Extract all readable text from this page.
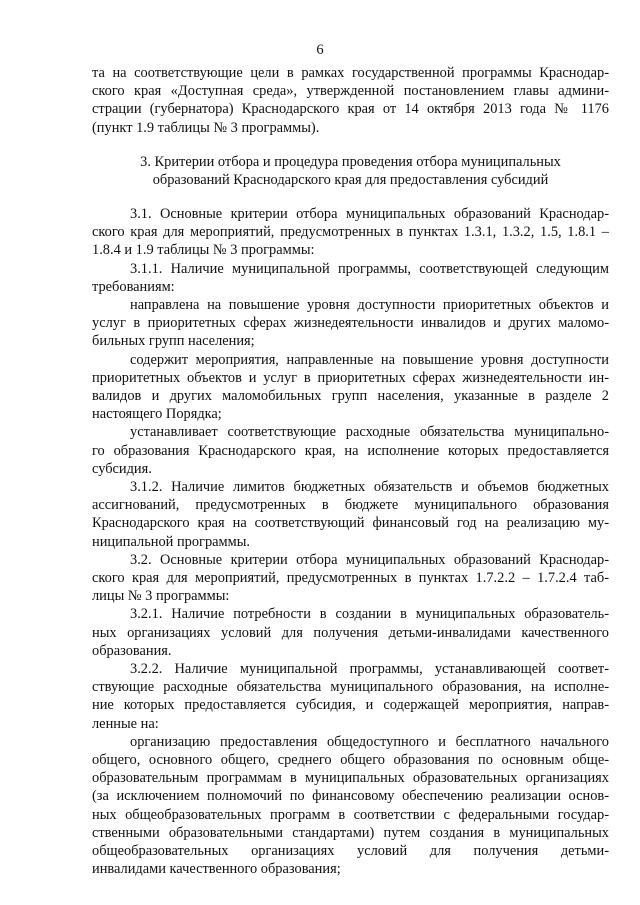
6
та на соответствующие цели в рамках государственной программы Краснодар-
ского края «Доступная среда», утвержденной постановлением главы админи-
страции (губернатора) Краснодарского края от 14 октября 2013 года № 1176
(пункт 1.9 таблицы № 3 программы).
3. Критерии отбора и процедура проведения отбора муниципальных
образований Краснодарского края для предоставления субсидий
3.1. Основные критерии отбора муниципальных образований Краснодар-
ского края для мероприятий, предусмотренных в пунктах 1.3.1, 1.3.2, 1.5, 1.8.1 –
1.8.4 и 1.9 таблицы № 3 программы:
3.1.1. Наличие муниципальной программы, соответствующей следующим
требованиям:
направлена на повышение уровня доступности приоритетных объектов и
услуг в приоритетных сферах жизнедеятельности инвалидов и других маломо-
бильных групп населения;
содержит мероприятия, направленные на повышение уровня доступности
приоритетных объектов и услуг в приоритетных сферах жизнедеятельности ин-
валидов и других маломобильных групп населения, указанные в разделе 2
настоящего Порядка;
устанавливает соответствующие расходные обязательства муниципально-
го образования Краснодарского края, на исполнение которых предоставляется
субсидия.
3.1.2. Наличие лимитов бюджетных обязательств и объемов бюджетных
ассигнований, предусмотренных в бюджете муниципального образования
Краснодарского края на соответствующий финансовый год на реализацию му-
ниципальной программы.
3.2. Основные критерии отбора муниципальных образований Краснодар-
ского края для мероприятий, предусмотренных в пунктах 1.7.2.2 – 1.7.2.4 таб-
лицы № 3 программы:
3.2.1. Наличие потребности в создании в муниципальных образователь-
ных организациях условий для получения детьми-инвалидами качественного
образования.
3.2.2. Наличие муниципальной программы, устанавливающей соответ-
ствующие расходные обязательства муниципального образования, на исполне-
ние которых предоставляется субсидия, и содержащей мероприятия, направ-
ленные на:
организацию предоставления общедоступного и бесплатного начального
общего, основного общего, среднего общего образования по основным обще-
образовательным программам в муниципальных образовательных организациях
(за исключением полномочий по финансовому обеспечению реализации основ-
ных общеобразовательных программ в соответствии с федеральными государ-
ственными образовательными стандартами) путем создания в муниципальных
общеобразовательных организациях условий для получения детьми-
инвалидами качественного образования;
